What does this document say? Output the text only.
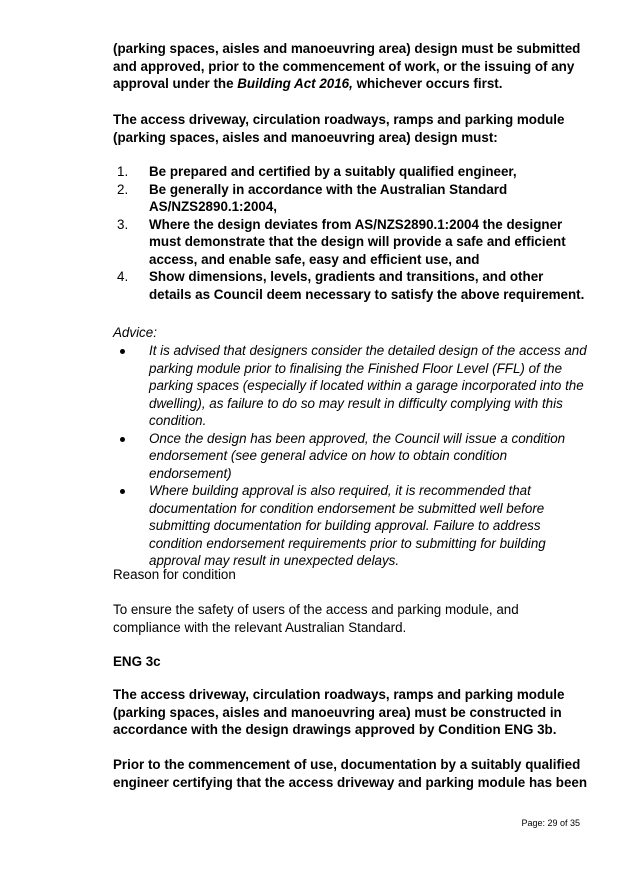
(parking spaces, aisles and manoeuvring area) design must be submitted and approved, prior to the commencement of work, or the issuing of any approval under the Building Act 2016, whichever occurs first.

The access driveway, circulation roadways, ramps and parking module (parking spaces, aisles and manoeuvring area) design must:

1. Be prepared and certified by a suitably qualified engineer,
2. Be generally in accordance with the Australian Standard AS/NZS2890.1:2004,
3. Where the design deviates from AS/NZS2890.1:2004 the designer must demonstrate that the design will provide a safe and efficient access, and enable safe, easy and efficient use, and
4. Show dimensions, levels, gradients and transitions, and other details as Council deem necessary to satisfy the above requirement.

Advice:

It is advised that designers consider the detailed design of the access and parking module prior to finalising the Finished Floor Level (FFL) of the parking spaces (especially if located within a garage incorporated into the dwelling), as failure to do so may result in difficulty complying with this condition.
Once the design has been approved, the Council will issue a condition endorsement (see general advice on how to obtain condition endorsement)
Where building approval is also required, it is recommended that documentation for condition endorsement be submitted well before submitting documentation for building approval. Failure to address condition endorsement requirements prior to submitting for building approval may result in unexpected delays.

Reason for condition

To ensure the safety of users of the access and parking module, and compliance with the relevant Australian Standard.

ENG 3c

The access driveway, circulation roadways, ramps and parking module (parking spaces, aisles and manoeuvring area) must be constructed in accordance with the design drawings approved by Condition ENG 3b.

Prior to the commencement of use, documentation by a suitably qualified engineer certifying that the access driveway and parking module has been

Page: 29 of 35
